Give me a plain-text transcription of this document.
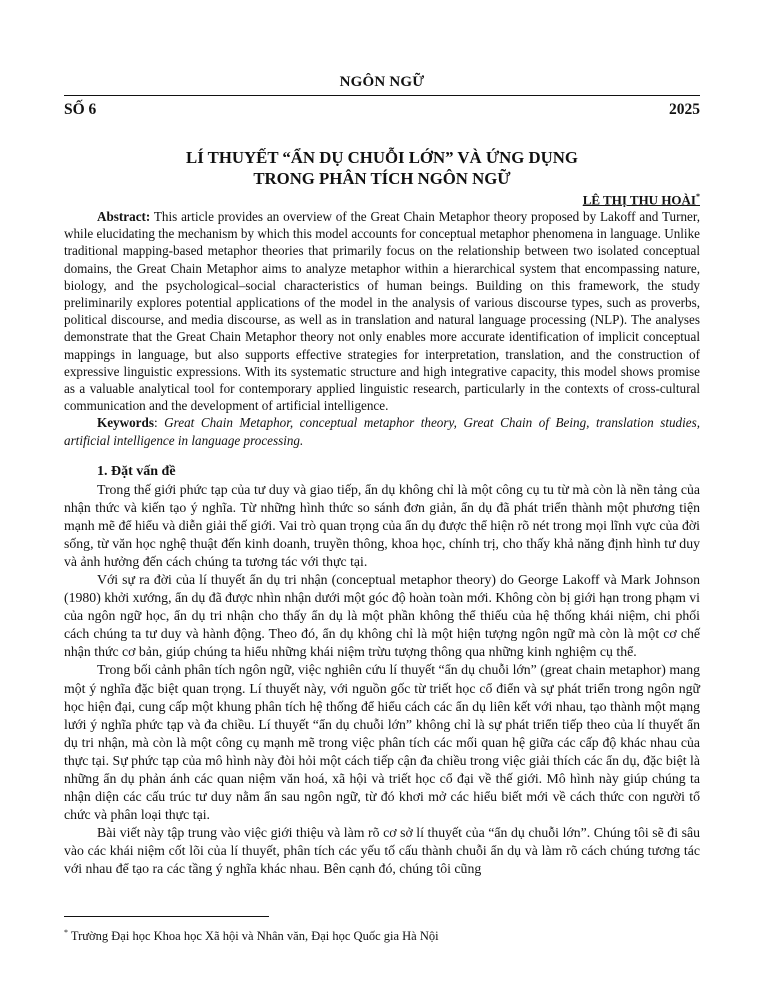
NGÔN NGỮ
SỐ 6	2025
LÍ THUYẾT “ẨN DỤ CHUỖI LỚN” VÀ ỨNG DỤNG
TRONG PHÂN TÍCH NGÔN NGỮ
LÊ THỊ THU HOÀI*

Abstract: This article provides an overview of the Great Chain Metaphor theory proposed by Lakoff and Turner, while elucidating the mechanism by which this model accounts for conceptual metaphor phenomena in language. Unlike traditional mapping-based metaphor theories that primarily focus on the relationship between two isolated conceptual domains, the Great Chain Metaphor aims to analyze metaphor within a hierarchical system that encompassing nature, biology, and the psychological–social characteristics of human beings. Building on this framework, the study preliminarily explores potential applications of the model in the analysis of various discourse types, such as proverbs, political discourse, and media discourse, as well as in translation and natural language processing (NLP). The analyses demonstrate that the Great Chain Metaphor theory not only enables more accurate identification of implicit conceptual mappings in language, but also supports effective strategies for interpretation, translation, and the construction of expressive linguistic expressions. With its systematic structure and high integrative capacity, this model shows promise as a valuable analytical tool for contemporary applied linguistic research, particularly in the contexts of cross-cultural communication and the development of artificial intelligence.

Keywords: Great Chain Metaphor, conceptual metaphor theory, Great Chain of Being, translation studies, artificial intelligence in language processing.

1. Đặt vấn đề

Trong thế giới phức tạp của tư duy và giao tiếp, ẩn dụ không chỉ là một công cụ tu từ mà còn là nền tảng của nhận thức và kiến tạo ý nghĩa. Từ những hình thức so sánh đơn giản, ẩn dụ đã phát triển thành một phương tiện mạnh mẽ để hiểu và diễn giải thế giới. Vai trò quan trọng của ẩn dụ được thể hiện rõ nét trong mọi lĩnh vực của đời sống, từ văn học nghệ thuật đến kinh doanh, truyền thông, khoa học, chính trị, cho thấy khả năng định hình tư duy và ảnh hưởng đến cách chúng ta tương tác với thực tại.

Với sự ra đời của lí thuyết ẩn dụ tri nhận (conceptual metaphor theory) do George Lakoff và Mark Johnson (1980) khởi xướng, ẩn dụ đã được nhìn nhận dưới một góc độ hoàn toàn mới. Không còn bị giới hạn trong phạm vi của ngôn ngữ học, ẩn dụ tri nhận cho thấy ẩn dụ là một phần không thể thiếu của hệ thống khái niệm, chi phối cách chúng ta tư duy và hành động. Theo đó, ẩn dụ không chỉ là một hiện tượng ngôn ngữ mà còn là một cơ chế nhận thức cơ bản, giúp chúng ta hiểu những khái niệm trừu tượng thông qua những kinh nghiệm cụ thể.

Trong bối cảnh phân tích ngôn ngữ, việc nghiên cứu lí thuyết “ẩn dụ chuỗi lớn” (great chain metaphor) mang một ý nghĩa đặc biệt quan trọng. Lí thuyết này, với nguồn gốc từ triết học cổ điển và sự phát triển trong ngôn ngữ học hiện đại, cung cấp một khung phân tích hệ thống để hiểu cách các ẩn dụ liên kết với nhau, tạo thành một mạng lưới ý nghĩa phức tạp và đa chiều. Lí thuyết “ẩn dụ chuỗi lớn” không chỉ là sự phát triển tiếp theo của lí thuyết ẩn dụ tri nhận, mà còn là một công cụ mạnh mẽ trong việc phân tích các mối quan hệ giữa các cấp độ khác nhau của thực tại. Sự phức tạp của mô hình này đòi hỏi một cách tiếp cận đa chiều trong việc giải thích các ẩn dụ, đặc biệt là những ẩn dụ phản ánh các quan niệm văn hoá, xã hội và triết học cổ đại về thế giới. Mô hình này giúp chúng ta nhận diện các cấu trúc tư duy nằm ẩn sau ngôn ngữ, từ đó khơi mở các hiểu biết mới về cách thức con người tổ chức và phân loại thực tại.

Bài viết này tập trung vào việc giới thiệu và làm rõ cơ sở lí thuyết của “ẩn dụ chuỗi lớn”. Chúng tôi sẽ đi sâu vào các khái niệm cốt lõi của lí thuyết, phân tích các yếu tố cấu thành chuỗi ẩn dụ và làm rõ cách chúng tương tác với nhau để tạo ra các tầng ý nghĩa khác nhau. Bên cạnh đó, chúng tôi cũng

* Trường Đại học Khoa học Xã hội và Nhân văn, Đại học Quốc gia Hà Nội
